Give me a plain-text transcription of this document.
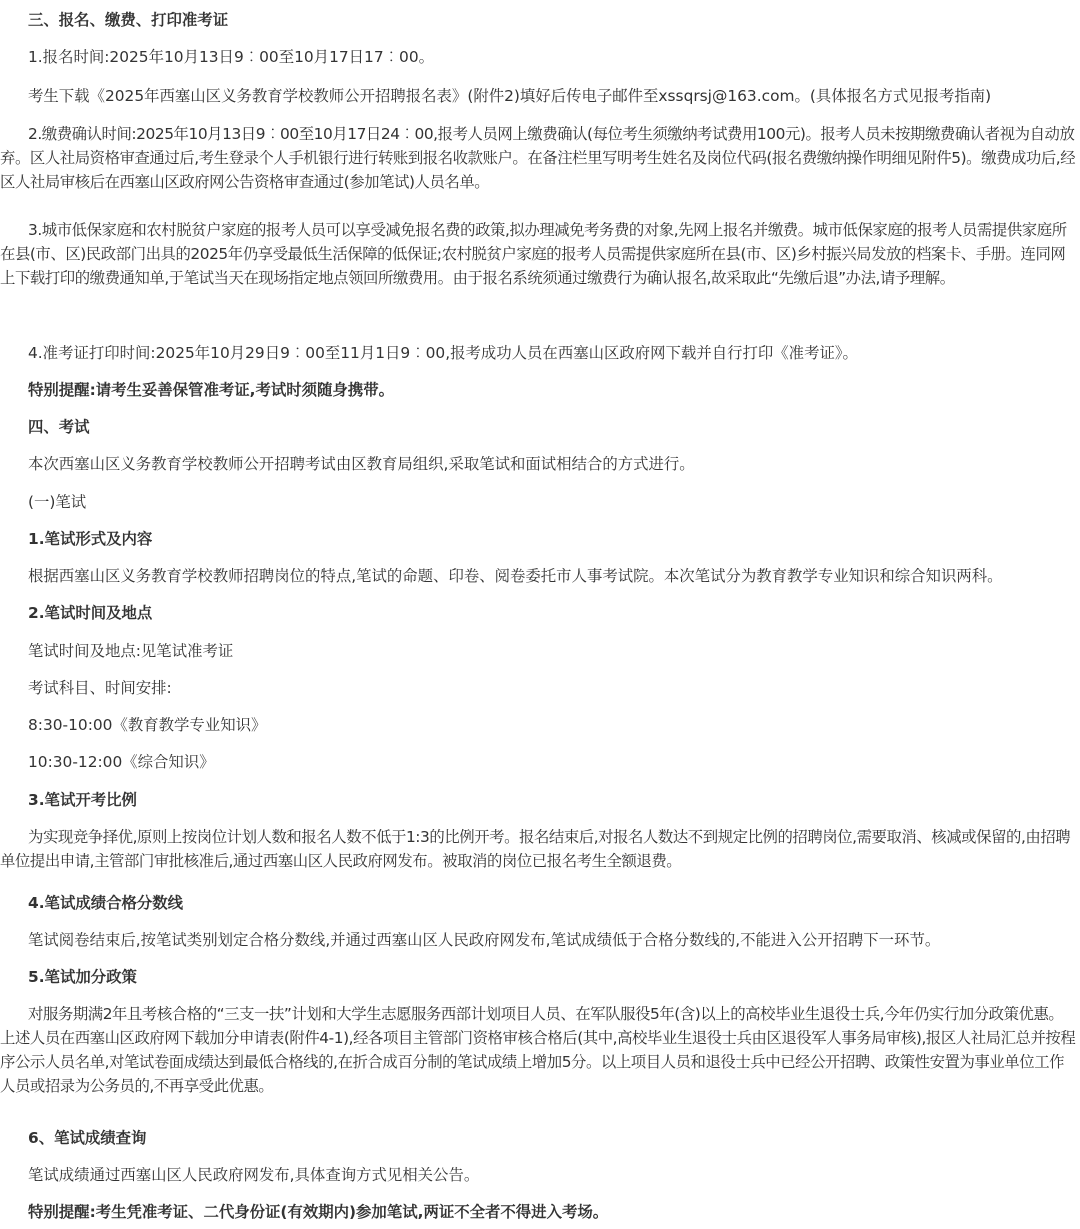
三、报名、缴费、打印准考证

1.报名时间:2025年10月13日9︰00至10月17日17︰00。

考生下载《2025年西塞山区义务教育学校教师公开招聘报名表》(附件2)填好后传电子邮件至xssqrsj@163.com。(具体报名方式见报考指南)

2.缴费确认时间:2025年10月13日9︰00至10月17日24︰00,报考人员网上缴费确认(每位考生须缴纳考试费用100元)。报考人员未按期缴费确认者视为自动放弃。区人社局资格审查通过后,考生登录个人手机银行进行转账到报名收款账户。在备注栏里写明考生姓名及岗位代码(报名费缴纳操作明细见附件5)。缴费成功后,经区人社局审核后在西塞山区政府网公告资格审查通过(参加笔试)人员名单。

3.城市低保家庭和农村脱贫户家庭的报考人员可以享受减免报名费的政策,拟办理减免考务费的对象,先网上报名并缴费。城市低保家庭的报考人员需提供家庭所在县(市、区)民政部门出具的2025年仍享受最低生活保障的低保证;农村脱贫户家庭的报考人员需提供家庭所在县(市、区)乡村振兴局发放的档案卡、手册。连同网上下载打印的缴费通知单,于笔试当天在现场指定地点领回所缴费用。由于报名系统须通过缴费行为确认报名,故采取此“先缴后退”办法,请予理解。

4.准考证打印时间:2025年10月29日9︰00至11月1日9︰00,报考成功人员在西塞山区政府网下载并自行打印《准考证》。

特别提醒:请考生妥善保管准考证,考试时须随身携带。

四、考试

本次西塞山区义务教育学校教师公开招聘考试由区教育局组织,采取笔试和面试相结合的方式进行。

(一)笔试

1.笔试形式及内容

根据西塞山区义务教育学校教师招聘岗位的特点,笔试的命题、印卷、阅卷委托市人事考试院。本次笔试分为教育教学专业知识和综合知识两科。

2.笔试时间及地点

笔试时间及地点:见笔试准考证

考试科目、时间安排:

8:30-10:00《教育教学专业知识》

10:30-12:00《综合知识》

3.笔试开考比例

为实现竞争择优,原则上按岗位计划人数和报名人数不低于1:3的比例开考。报名结束后,对报名人数达不到规定比例的招聘岗位,需要取消、核减或保留的,由招聘单位提出申请,主管部门审批核准后,通过西塞山区人民政府网发布。被取消的岗位已报名考生全额退费。

4.笔试成绩合格分数线

笔试阅卷结束后,按笔试类别划定合格分数线,并通过西塞山区人民政府网发布,笔试成绩低于合格分数线的,不能进入公开招聘下一环节。

5.笔试加分政策

对服务期满2年且考核合格的“三支一扶”计划和大学生志愿服务西部计划项目人员、在军队服役5年(含)以上的高校毕业生退役士兵,今年仍实行加分政策优惠。上述人员在西塞山区政府网下载加分申请表(附件4-1),经各项目主管部门资格审核合格后(其中,高校毕业生退役士兵由区退役军人事务局审核),报区人社局汇总并按程序公示人员名单,对笔试卷面成绩达到最低合格线的,在折合成百分制的笔试成绩上增加5分。以上项目人员和退役士兵中已经公开招聘、政策性安置为事业单位工作人员或招录为公务员的,不再享受此优惠。

6、笔试成绩查询

笔试成绩通过西塞山区人民政府网发布,具体查询方式见相关公告。

特别提醒:考生凭准考证、二代身份证(有效期内)参加笔试,两证不全者不得进入考场。
